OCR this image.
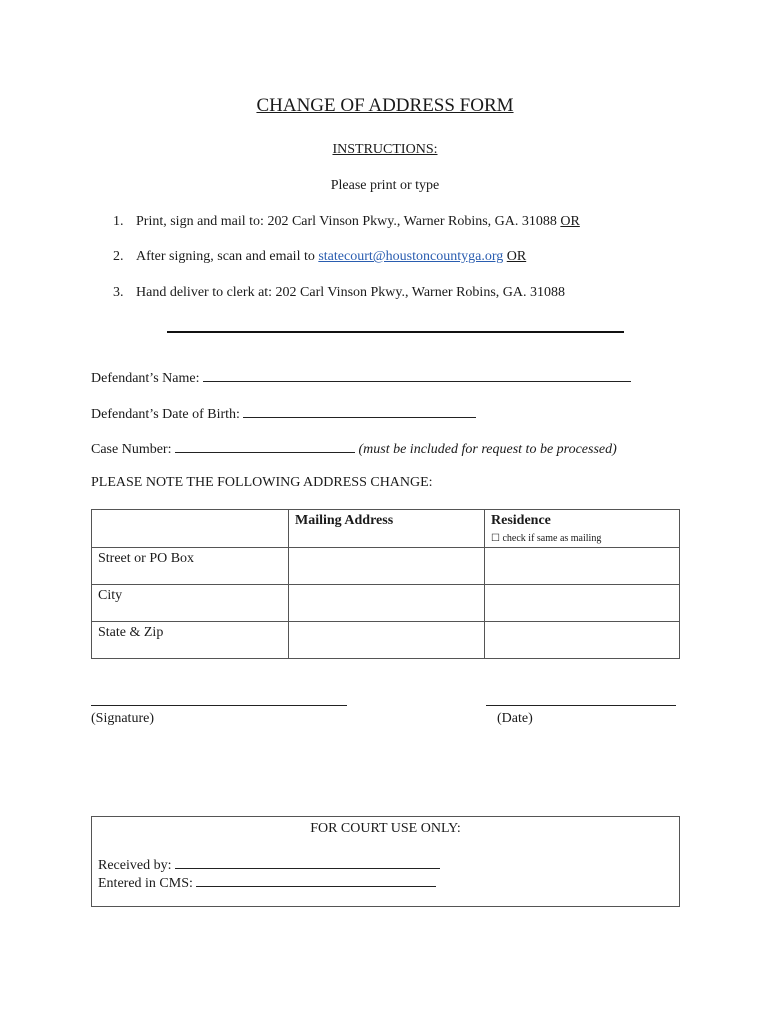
CHANGE OF ADDRESS FORM
INSTRUCTIONS:
Please print or type
1. Print, sign and mail to: 202 Carl Vinson Pkwy., Warner Robins, GA. 31088 OR
2. After signing, scan and email to statecourt@houstoncountyga.org OR
3. Hand deliver to clerk at: 202 Carl Vinson Pkwy., Warner Robins, GA. 31088
Defendant’s Name:
Defendant’s Date of Birth:
Case Number:	(must be included for request to be processed)
PLEASE NOTE THE FOLLOWING ADDRESS CHANGE:
	Mailing Address	Residence
☐ check if same as mailing

Street or PO Box		
City		
State & Zip		
(Signature)	(Date)
FOR COURT USE ONLY:
Received by:
Entered in CMS:
